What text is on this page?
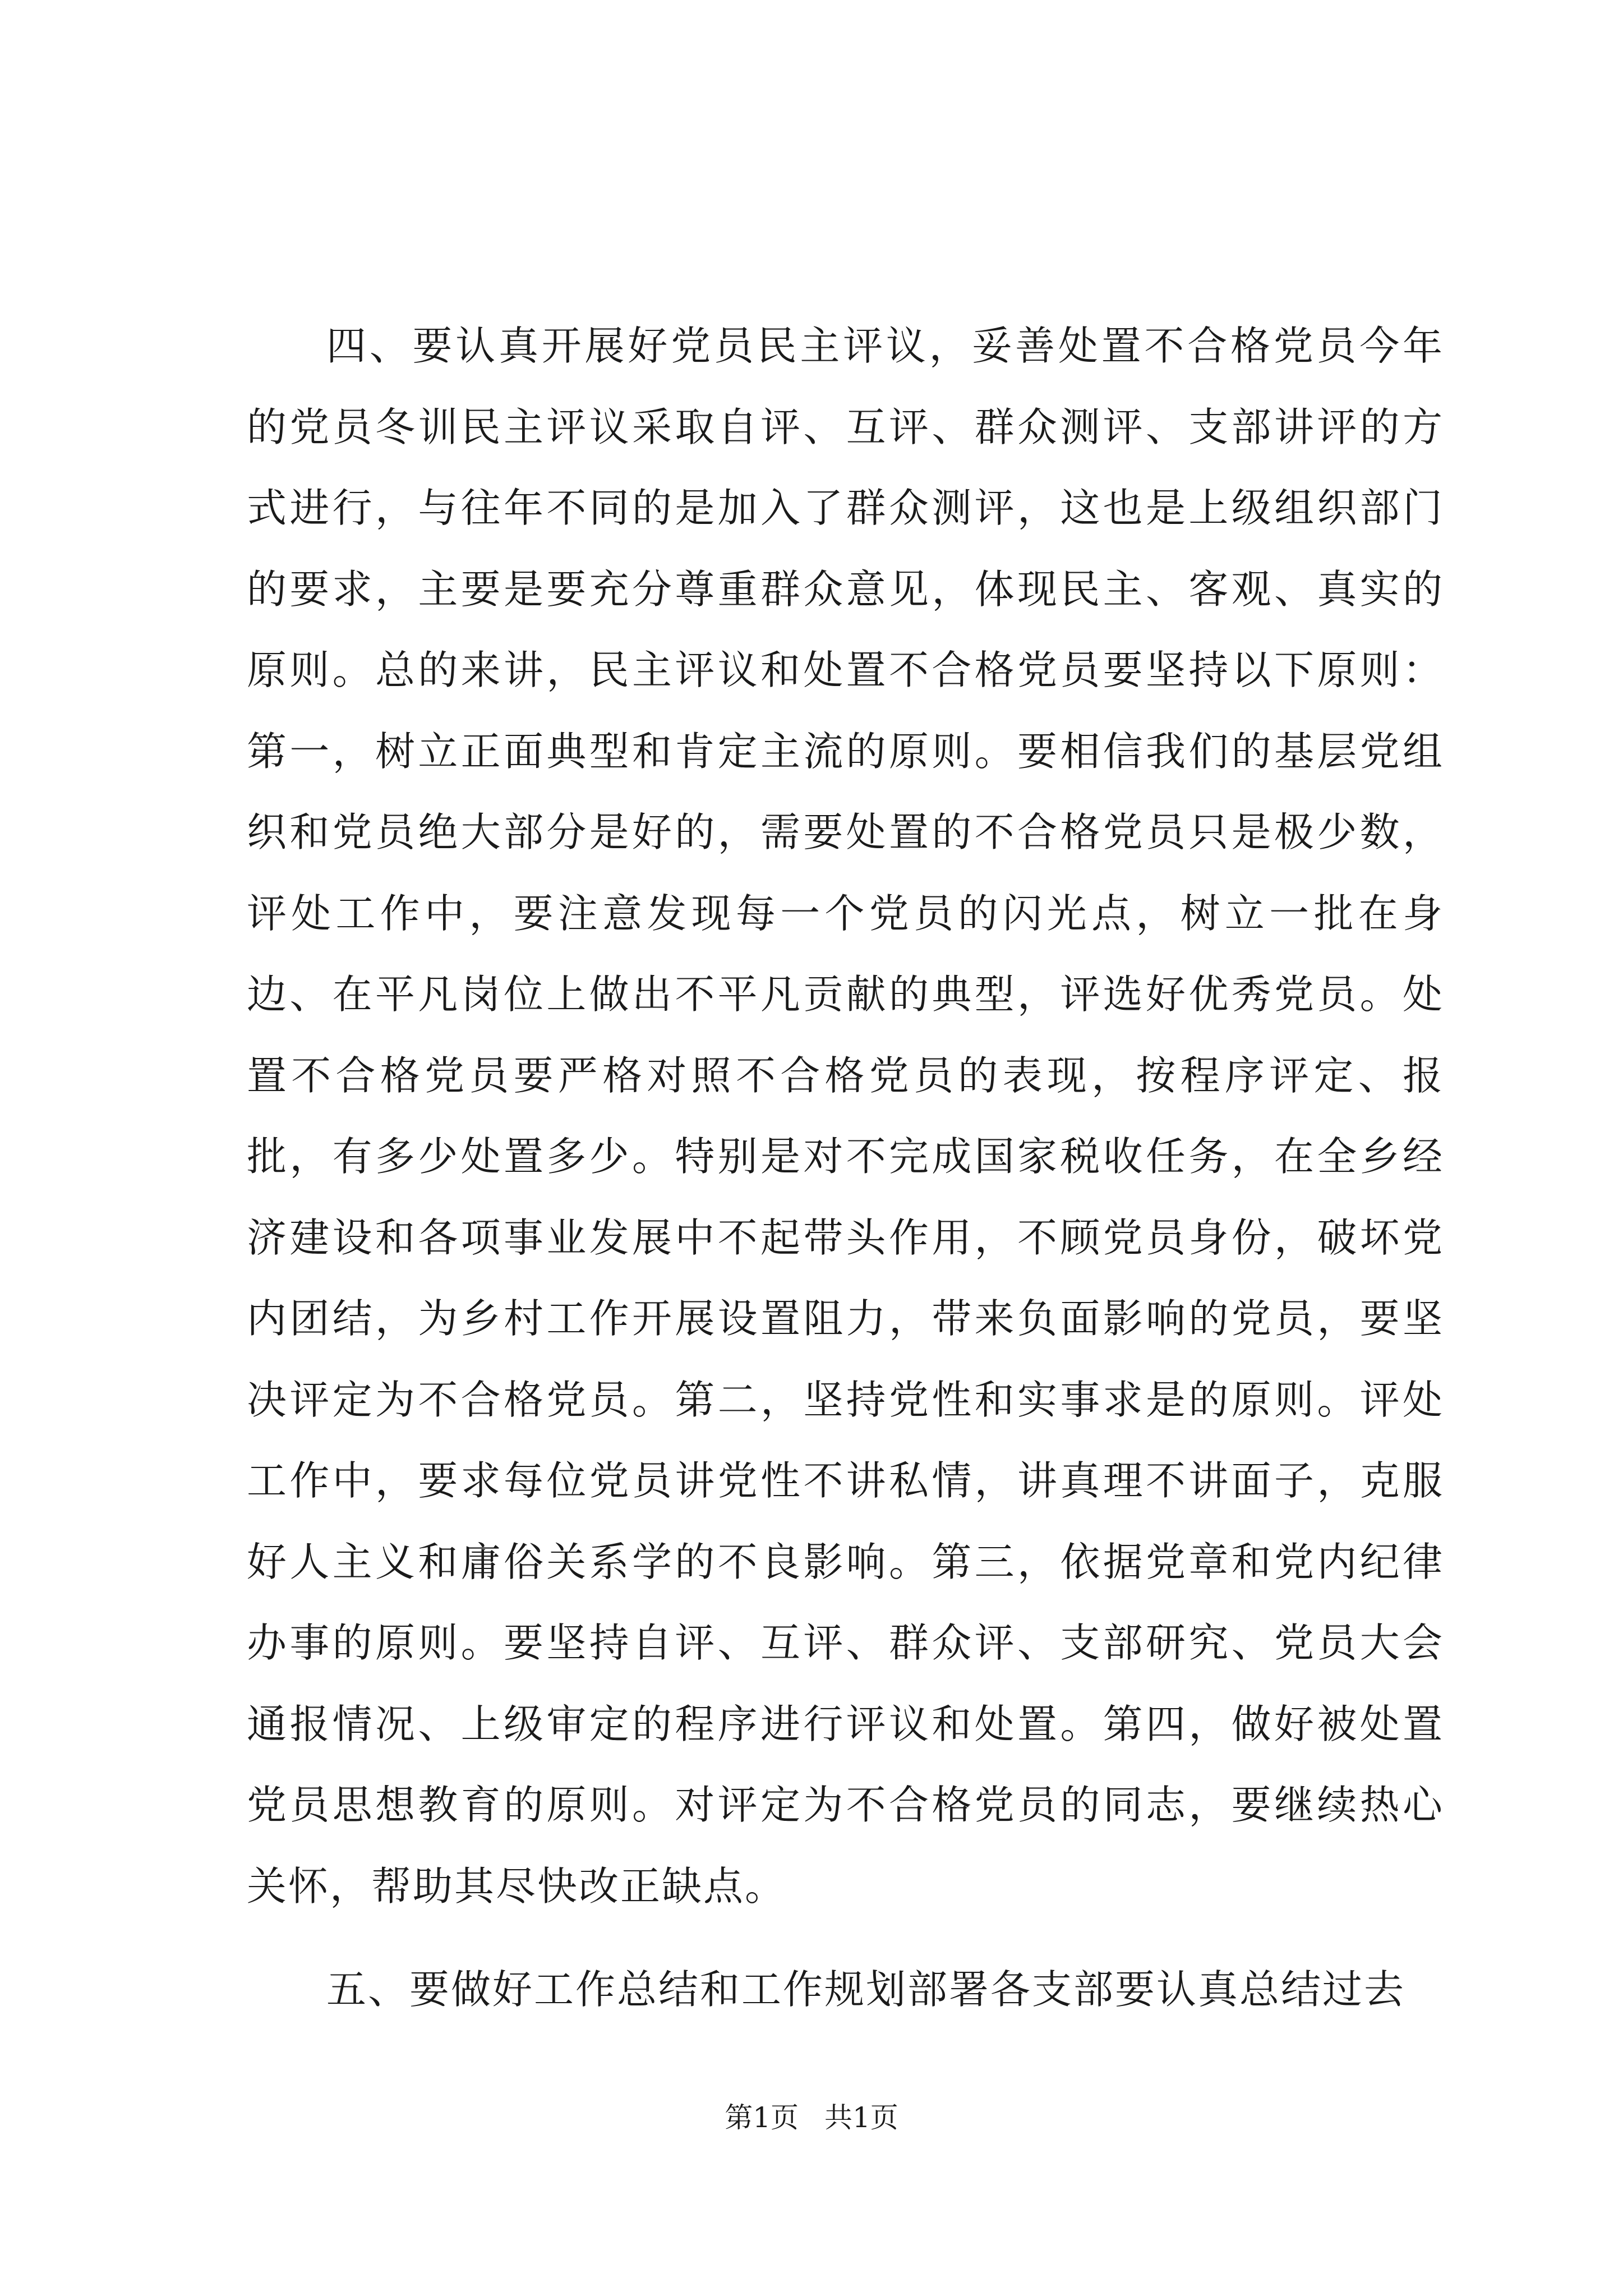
四、要认真开展好党员民主评议，妥善处置不合格党员今年的党员冬训民主评议采取自评、互评、群众测评、支部讲评的方式进行，与往年不同的是加入了群众测评，这也是上级组织部门的要求，主要是要充分尊重群众意见，体现民主、客观、真实的原则。总的来讲，民主评议和处置不合格党员要坚持以下原则：第一，树立正面典型和肯定主流的原则。要相信我们的基层党组织和党员绝大部分是好的，需要处置的不合格党员只是极少数，评处工作中，要注意发现每一个党员的闪光点，树立一批在身边、在平凡岗位上做出不平凡贡献的典型，评选好优秀党员。处置不合格党员要严格对照不合格党员的表现，按程序评定、报批，有多少处置多少。特别是对不完成国家税收任务，在全乡经济建设和各项事业发展中不起带头作用，不顾党员身份，破坏党内团结，为乡村工作开展设置阻力，带来负面影响的党员，要坚决评定为不合格党员。第二，坚持党性和实事求是的原则。评处工作中，要求每位党员讲党性不讲私情，讲真理不讲面子，克服好人主义和庸俗关系学的不良影响。第三，依据党章和党内纪律办事的原则。要坚持自评、互评、群众评、支部研究、党员大会通报情况、上级审定的程序进行评议和处置。第四，做好被处置党员思想教育的原则。对评定为不合格党员的同志，要继续热心关怀，帮助其尽快改正缺点。

五、要做好工作总结和工作规划部署各支部要认真总结过去

第1页 共1页
